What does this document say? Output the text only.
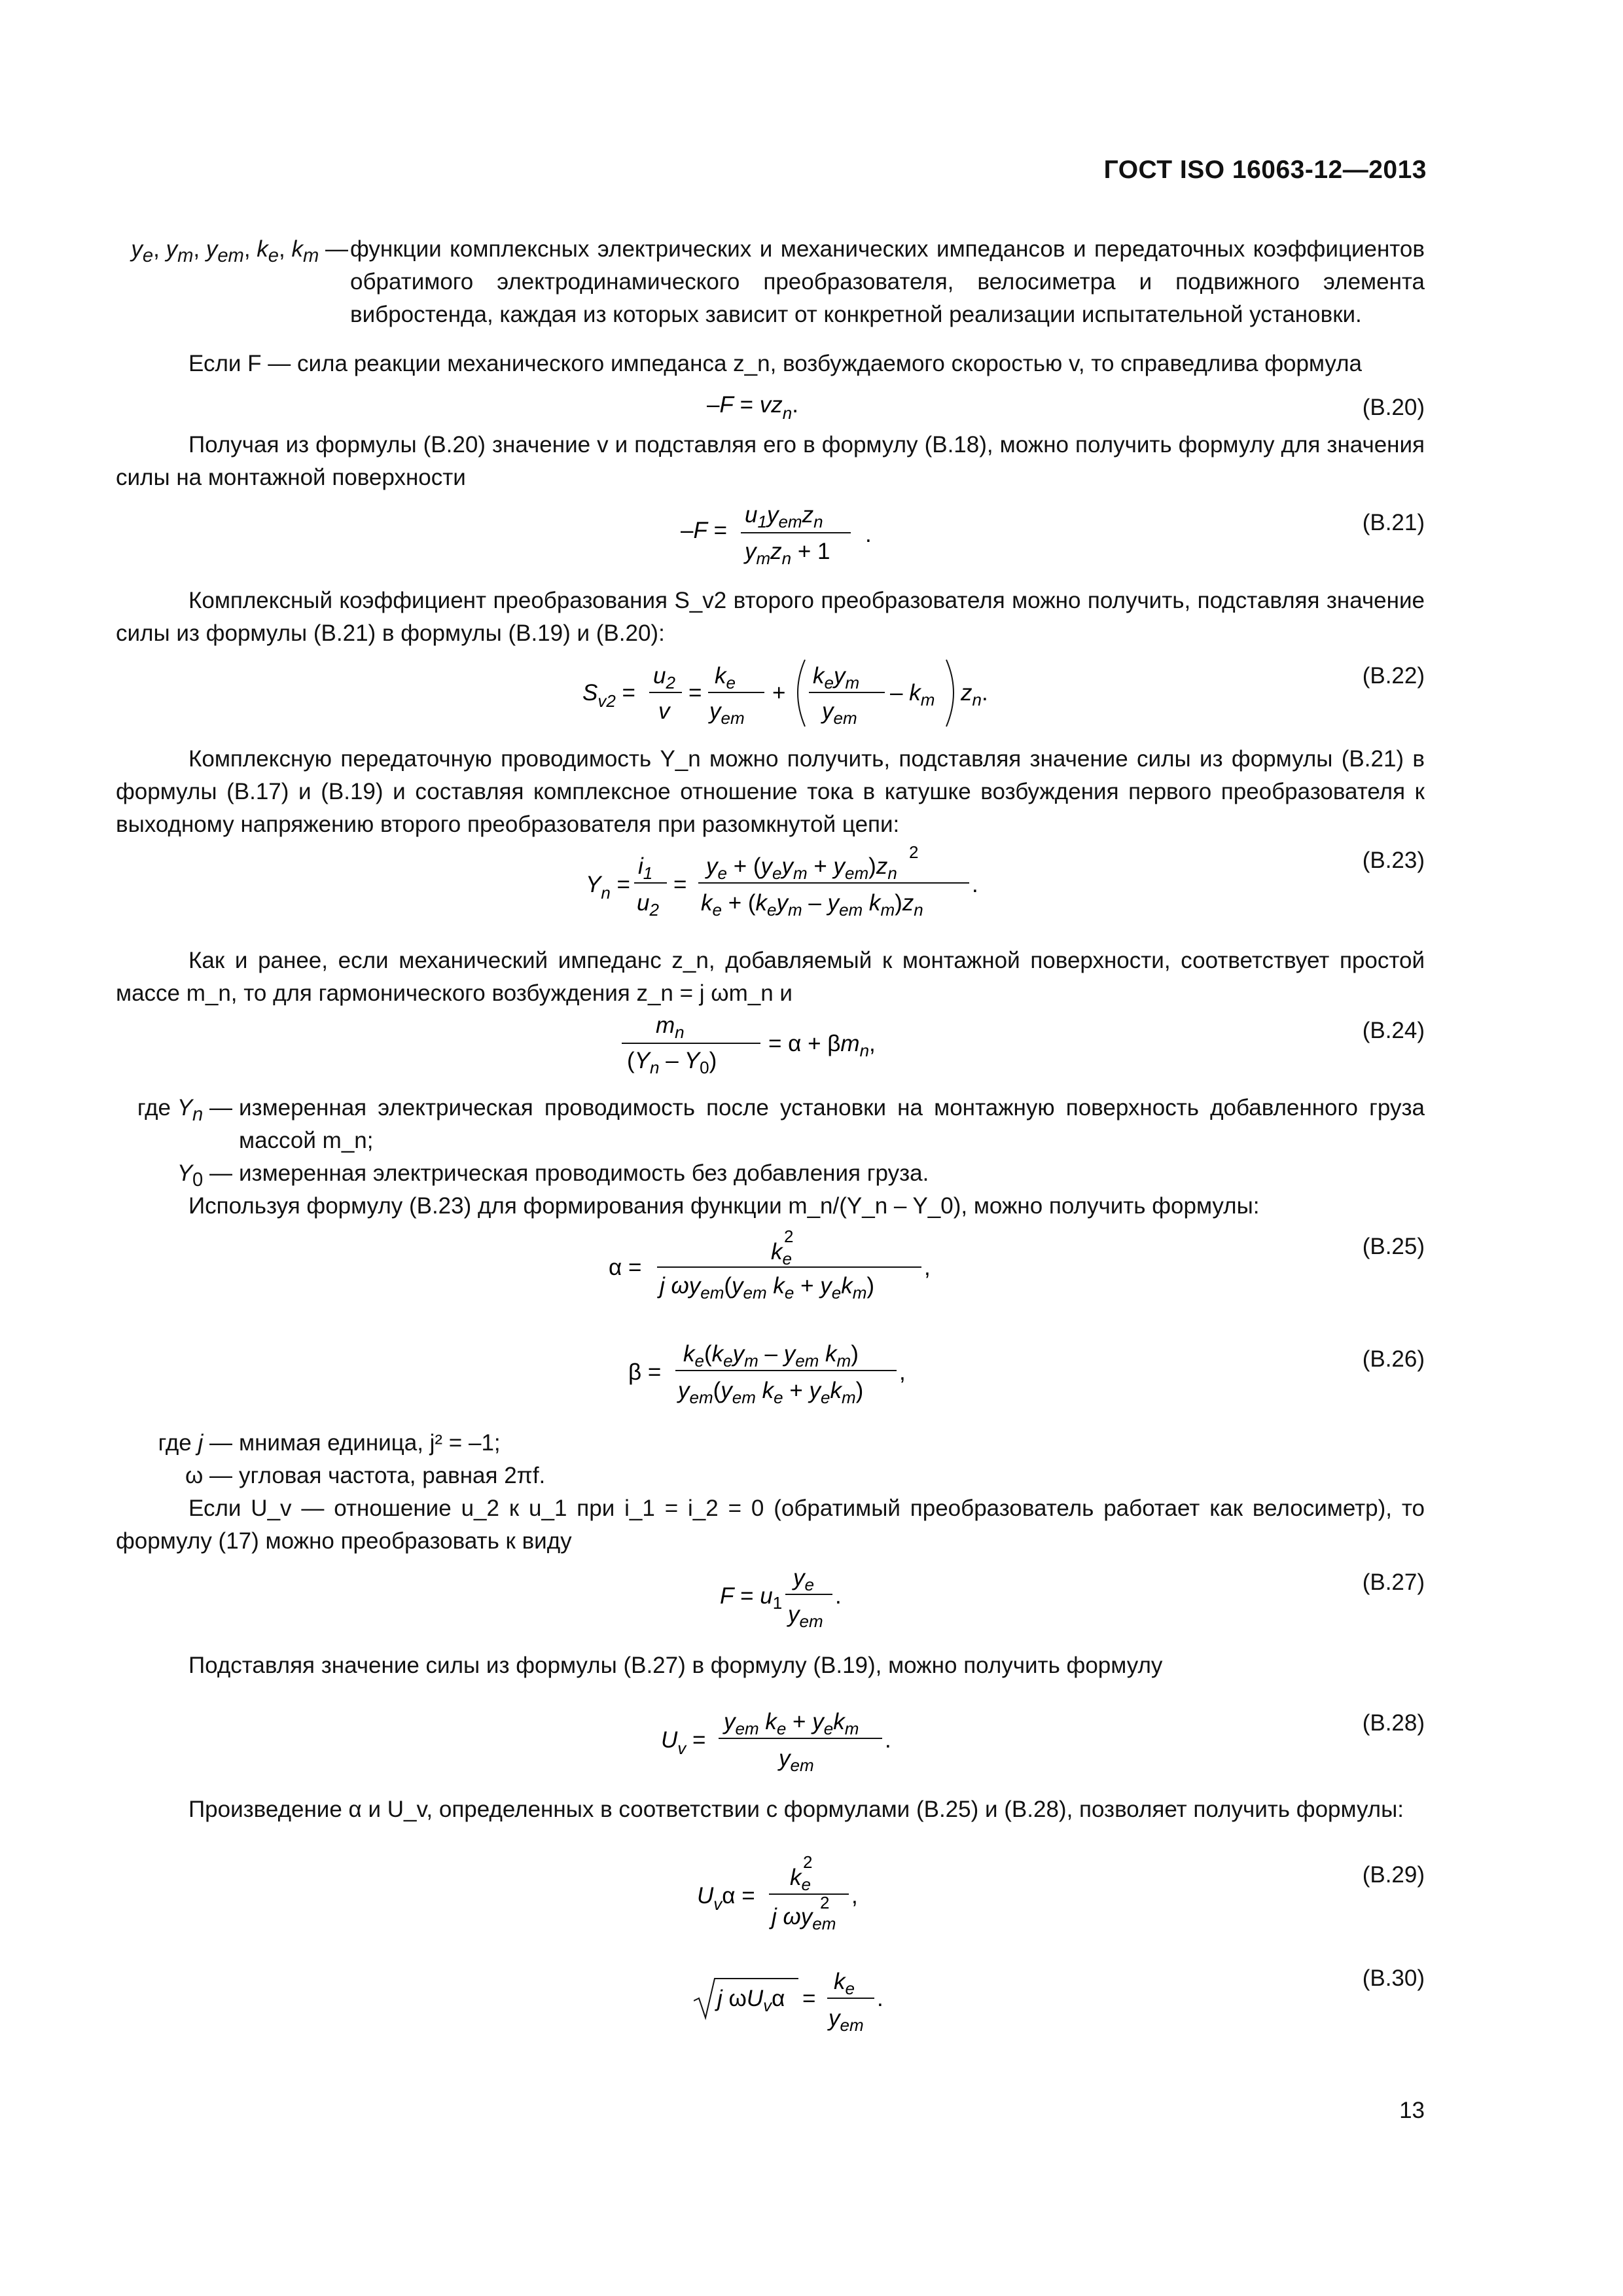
ГОСТ ISO 16063-12—2013
$y_e$, $y_m$, $y_{em}$, $k_e$, $k_m$ — функции комплексных электрических и механических импедансов и передаточных коэффициентов обратимого электродинамического преобразователя, велосиметра и подвижного элемента вибростенда, каждая из которых зависит от конкретной реализации испытательной установки.

Если F — сила реакции механического импеданса z_n, возбуждаемого скоростью v, то справедлива формула

$-F = vz_n$.	(В.20)

Получая из формулы (В.20) значение v и подставляя его в формулу (В.18), можно получить формулу для значения силы на монтажной поверхности

–F =
$u_1y_{em}z_n$
$y_mz_n + 1$
.	(В.21)

Комплексный коэффициент преобразования S_v2 второго преобразователя можно получить, подставляя значение силы из формулы (В.21) в формулы (В.19) и (В.20):

$S_{v2}$ =
$u_2$
v
=
$k_e$
$y_{em}$
+
$k_ey_m$
$y_{em}$
– $k_m$ $z_n$.
(В.22)

Комплексную передаточную проводимость Y_n можно получить, подставляя значение силы из формулы (В.21) в формулы (В.17) и (В.19) и составляя комплексное отношение тока в катушке возбуждения первого преобразователя к выходному напряжению второго преобразователя при разомкнутой цепи:

$Y_n$ =
$i_1$
$u_2$
=
$y_e + (y_ey_m + y_{em})z_n$
2
$k_e + (k_ey_m - y_{em}$ $k_m)z_n$
.
(В.23)

Как и ранее, если механический импеданс z_n, добавляемый к монтажной поверхности, соответствует простой массе m_n, то для гармонического возбуждения z_n = j ωm_n и

$m_n$
$(Y_n - Y_0)$
= $\alpha + \beta m_n$,
(В.24)
где $Y_n$ — измеренная электрическая проводимость после установки на монтажную поверхность добавленного груза массой m_n;

$Y_0$ — измеренная электрическая проводимость без добавления груза.

Используя формулу (В.23) для формирования функции m_n/(Y_n – Y_0), можно получить формулы:

α =
$k_e$
2
j $\omega y_{em}(y_{em}$ $k_e + y_ek_m$)
,
(В.25)
β =
$k_e(k_ey_m - y_{em}$ $k_m$)
$y_{em}(y_{em}$ $k_e + y_ek_m$)
,
(В.26)
где j — мнимая единица, j² = –1;

ω — угловая частота, равная 2πf.

Если U_v — отношение u_2 к u_1 при i_1 = i_2 = 0 (обратимый преобразователь работает как велосиметр), то формулу (17) можно преобразовать к виду

$F = u_1$
$y_e$
$y_{em}$
.
(В.27)

Подставляя значение силы из формулы (В.27) в формулу (В.19), можно получить формулу

$U_v$ =
$y_{em}$ $k_e + y_ek_m$
$y_{em}$
.
(В.28)

Произведение α и U_v, определенных в соответствии с формулами (В.25) и (В.28), позволяет получить формулы:

$U_v\alpha$ =
$k_e$
2
j $\omega y_{em}$
2 ,
(В.29)
j $\omega U_v\alpha$ =
$k_e$
$y_{em}$
.
(В.30)
13
